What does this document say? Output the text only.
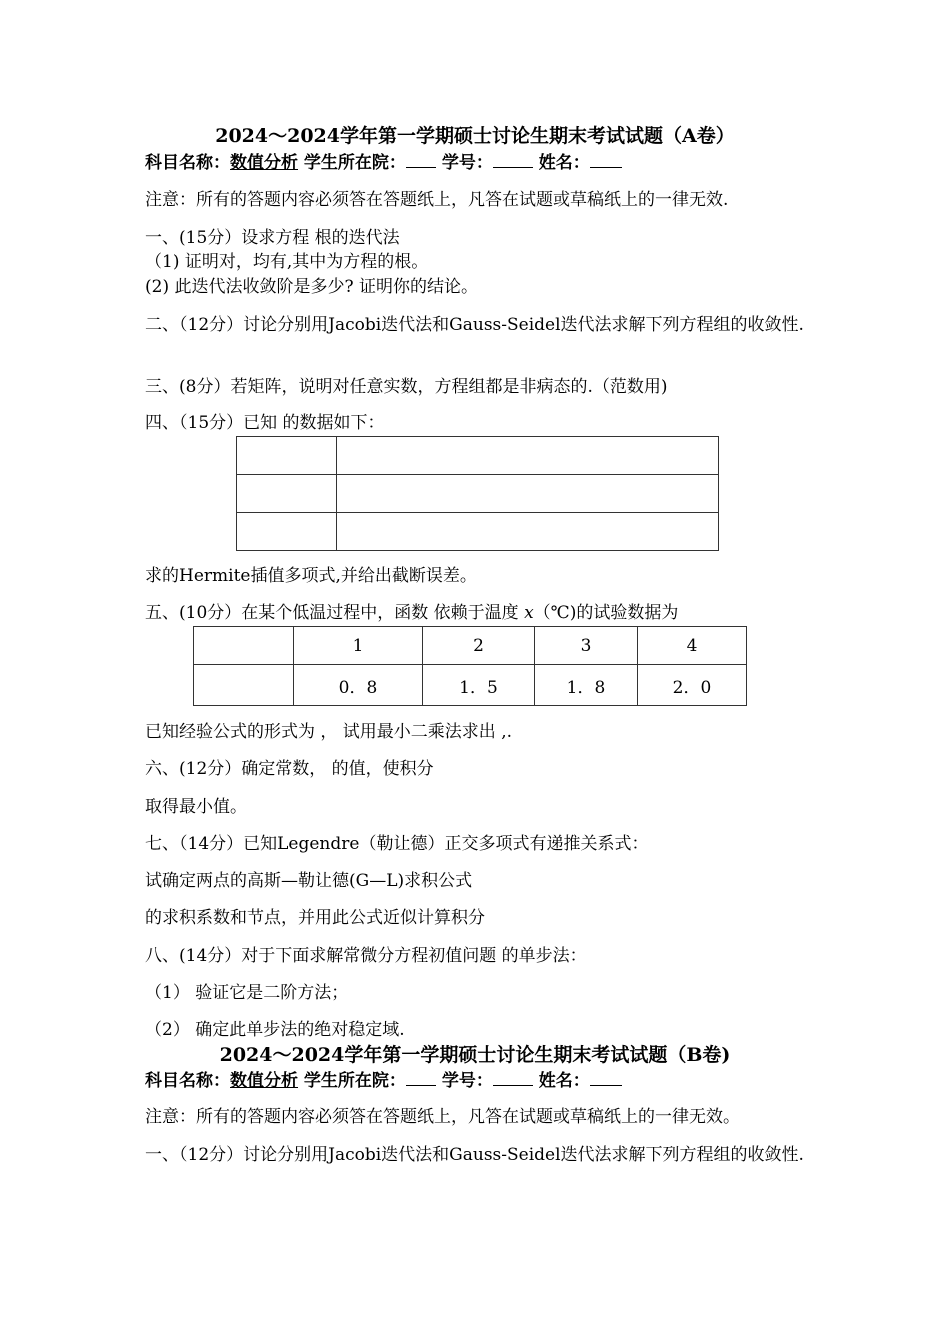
2024～2024学年第一学期硕士讨论生期末考试试题（A卷）
科目名称：数值分析 学生所在院： 学号：	姓名：
注意：所有的答题内容必须答在答题纸上，凡答在试题或草稿纸上的一律无效.
一、(15分）设求方程 根的迭代法
（1) 证明对，均有,其中为方程的根。
(2) 此迭代法收敛阶是多少? 证明你的结论。
二、（12分）讨论分别用Jacobi迭代法和Gauss-Seidel迭代法求解下列方程组的收敛性.
三、(8分）若矩阵，说明对任意实数，方程组都是非病态的.（范数用)
四、（15分）已知 的数据如下：

求的Hermite插值多项式,并给出截断误差。
五、(10分）在某个低温过程中，函数 依赖于温度 x（℃)的试验数据为
	1	2	3	4
	0．8	1．5	1．8	2．0
已知经验公式的形式为 ， 试用最小二乘法求出 ,.
六、(12分）确定常数， 的值，使积分
取得最小值。
七、（14分）已知Legendre（勒让德）正交多项式有递推关系式：
试确定两点的高斯—勒让德(G—L)求积公式
的求积系数和节点，并用此公式近似计算积分
八、(14分）对于下面求解常微分方程初值问题 的单步法：
（1） 验证它是二阶方法；
（2） 确定此单步法的绝对稳定域.
2024～2024学年第一学期硕士讨论生期末考试试题（B卷)
科目名称：数值分析 学生所在院： 学号：	姓名：
注意：所有的答题内容必须答在答题纸上，凡答在试题或草稿纸上的一律无效。
一、（12分）讨论分别用Jacobi迭代法和Gauss-Seidel迭代法求解下列方程组的收敛性.
